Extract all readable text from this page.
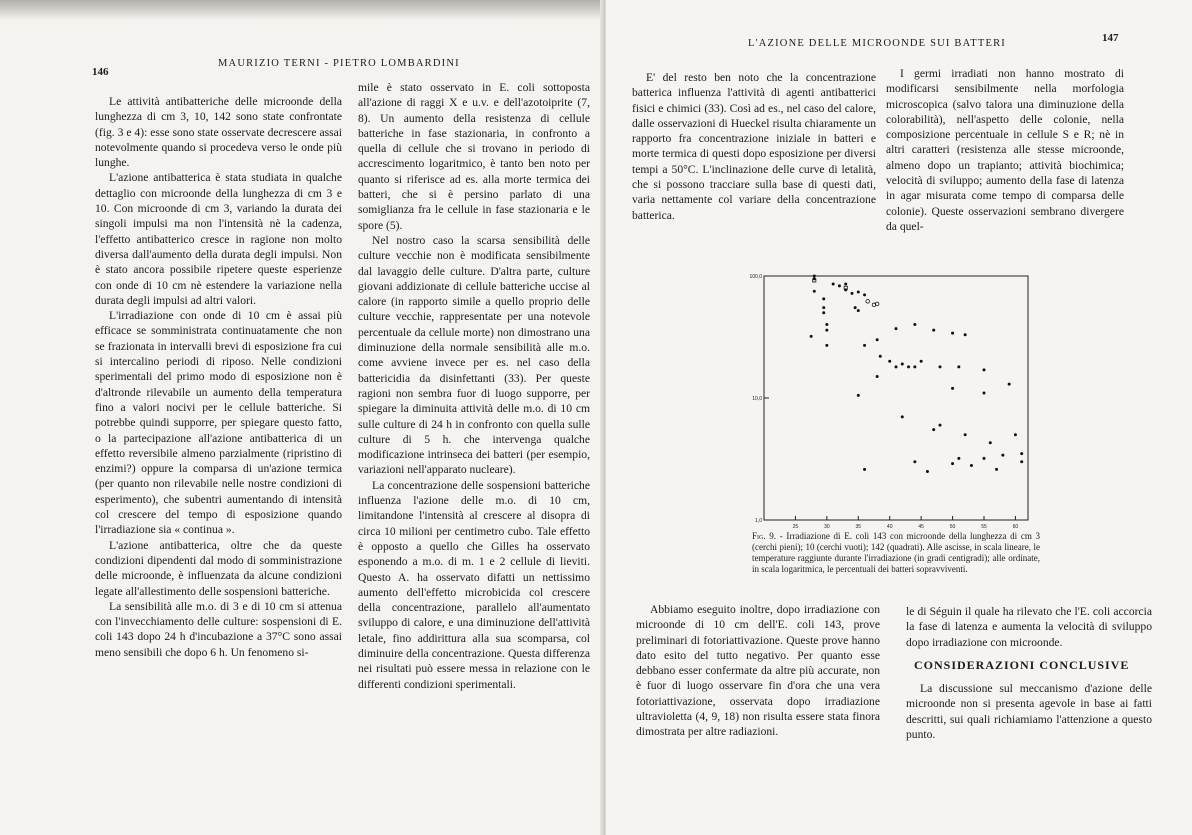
146
MAURIZIO TERNI - PIETRO LOMBARDINI

Le attività antibatteriche delle microonde della lunghezza di cm 3, 10, 142 sono state confrontate (fig. 3 e 4): esse sono state osservate decrescere assai notevolmente quando si procedeva verso le onde più lunghe.

L'azione antibatterica è stata studiata in qualche dettaglio con microonde della lunghezza di cm 3 e 10. Con microonde di cm 3, variando la durata dei singoli impulsi ma non l'intensità nè la cadenza, l'effetto antibatterico cresce in ragione non molto diversa dall'aumento della durata degli impulsi. Non è stato ancora possibile ripetere queste esperienze con onde di 10 cm nè estendere la variazione nella durata degli impulsi ad altri valori.

L'irradiazione con onde di 10 cm è assai più efficace se somministrata continuatamente che non se frazionata in intervalli brevi di esposizione fra cui si intercalino periodi di riposo. Nelle condizioni sperimentali del primo modo di esposizione non è d'altronde rilevabile un aumento della temperatura fino a valori nocivi per le cellule batteriche. Si potrebbe quindi supporre, per spiegare questo fatto, o la partecipazione all'azione antibatterica di un effetto reversibile almeno parzialmente (ripristino di enzimi?) oppure la comparsa di un'azione termica (per quanto non rilevabile nelle nostre condizioni di esperimento), che subentri aumentando di intensità col crescere del tempo di esposizione quando l'irradiazione sia « continua ».

L'azione antibatterica, oltre che da queste condizioni dipendenti dal modo di somministrazione delle microonde, è influenzata da alcune condizioni legate all'allestimento delle sospensioni batteriche.

La sensibilità alle m.o. di 3 e di 10 cm si attenua con l'invecchiamento delle culture: sospensioni di E. coli 143 dopo 24 h d'incubazione a 37°C sono assai meno sensibili che dopo 6 h. Un fenomeno si-

mile è stato osservato in E. coli sottoposta all'azione di raggi X e u.v. e dell'azotoiprite (7, 8). Un aumento della resistenza di cellule batteriche in fase stazionaria, in confronto a quella di cellule che si trovano in periodo di accrescimento logaritmico, è tanto ben noto per quanto si riferisce ad es. alla morte termica dei batteri, che si è persino parlato di una somiglianza fra le cellule in fase stazionaria e le spore (5).

Nel nostro caso la scarsa sensibilità delle culture vecchie non è modificata sensibilmente dal lavaggio delle culture. D'altra parte, culture giovani addizionate di cellule batteriche uccise al calore (in rapporto simile a quello proprio delle culture vecchie, rappresentate per una notevole percentuale da cellule morte) non dimostrano una diminuzione della normale sensibilità alle m.o. come avviene invece per es. nel caso della battericidia da disinfettanti (33). Per queste ragioni non sembra fuor di luogo supporre, per spiegare la diminuita attività delle m.o. di 10 cm sulle culture di 24 h in confronto con quella sulle culture di 5 h. che intervenga qualche modificazione intrinseca dei batteri (per esempio, variazioni nell'apparato nucleare).

La concentrazione delle sospensioni batteriche influenza l'azione delle m.o. di 10 cm, limitandone l'intensità al crescere al disopra di circa 10 milioni per centimetro cubo. Tale effetto è opposto a quello che Gilles ha osservato esponendo a m.o. di m. 1 e 2 cellule di lieviti. Questo A. ha osservato difatti un nettissimo aumento dell'effetto microbicida col crescere della concentrazione, parallelo all'aumentato sviluppo di calore, e una diminuzione dell'attività letale, fino addirittura alla sua scomparsa, col diminuire della concentrazione. Questa differenza nei risultati può essere messa in relazione con le differenti condizioni sperimentali.

L'AZIONE DELLE MICROONDE SUI BATTERI	147

E' del resto ben noto che la concentrazione batterica influenza l'attività di agenti antibatterici fisici e chimici (33). Così ad es., nel caso del calore, dalle osservazioni di Hueckel risulta chiaramente un rapporto fra concentrazione iniziale in batteri e morte termica di questi dopo esposizione per diversi tempi a 50°C. L'inclinazione delle curve di letalità, che si possono tracciare sulla base di questi dati, varia nettamente col variare della concentrazione batterica.

I germi irradiati non hanno mostrato di modificarsi sensibilmente nella morfologia microscopica (salvo talora una diminuzione della colorabilità), nell'aspetto delle colonie, nella composizione percentuale in cellule S e R; nè in altri caratteri (resistenza alle stesse microonde, almeno dopo un trapianto; attività biochimica; velocità di sviluppo; aumento della fase di latenza in agar misurata come tempo di comparsa delle colonie). Queste osservazioni sembrano divergere da quel-

Abbiamo eseguito inoltre, dopo irradiazione con microonde di 10 cm dell'E. coli 143, prove preliminari di fotoriattivazione. Queste prove hanno dato esito del tutto negativo. Per quanto esse debbano esser confermate da altre più accurate, non è fuor di luogo osservare fin d'ora che una vera fotoriattivazione, osservata dopo irradiazione ultravioletta (4, 9, 18) non risulta essere stata finora dimostrata per altre radiazioni.

le di Séguin il quale ha rilevato che l'E. coli accorcia la fase di latenza e aumenta la velocità di sviluppo dopo irradiazione con microonde.

CONSIDERAZIONI CONCLUSIVE

La discussione sul meccanismo d'azione delle microonde non si presenta agevole in base ai fatti descritti, sui quali richiamiamo l'attenzione a questo punto.

100,0
10,0
1,0
25	30	35	40	45	50	55	60
Fig. 9. - Irradiazione di E. coli 143 con microonde della lunghezza di cm 3 (cerchi pieni); 10 (cerchi vuoti); 142 (quadrati). Alle ascisse, in scala lineare, le temperature raggiunte durante l'irradiazione (in gradi centigradi); alle ordinate, in scala logaritmica, le percentuali dei batteri sopravviventi.
